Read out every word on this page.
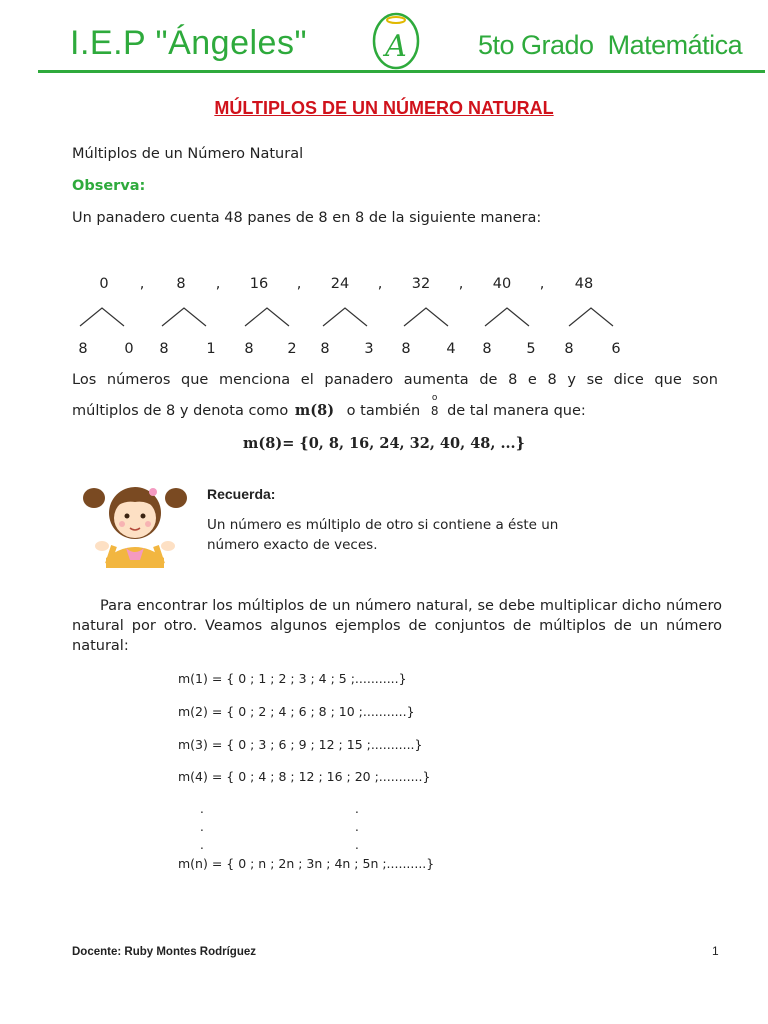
I.E.P "Ángeles"	A	5to Grado  Matemática
MÚLTIPLOS DE UN NÚMERO NATURAL
Múltiplos de un Número Natural
Observa:
Un panadero cuenta 48 panes de 8 en 8 de la siguiente manera:
0	,	8	,	16	,	24	,	32	,	40	,	48
8	0	8	1	8	2	8	3	8	4	8	5	8	6
Los números que menciona el panadero aumenta de 8 e 8 y se dice que son
múltiplos de 8 y denota como m(8) o también
o
8 de tal manera que:
m(8)= {0, 8, 16, 24, 32, 40, 48, ...}
Recuerda:
Un número es múltiplo de otro si contiene a éste un número exacto de veces.
Para encontrar los múltiplos de un número natural, se debe multiplicar dicho número natural por otro. Veamos algunos ejemplos de conjuntos de múltiplos de un número natural:
m(1) = { 0 ; 1 ; 2 ; 3 ; 4 ; 5 ;...........}
m(2) = { 0 ; 2 ; 4 ; 6 ; 8 ; 10 ;...........}
m(3) = { 0 ; 3 ; 6 ; 9 ; 12 ; 15 ;...........}
m(4) = { 0 ; 4 ; 8 ; 12 ; 16 ; 20 ;...........}
.	.
.	.
.	.
m(n) = { 0 ; n ; 2n ; 3n ; 4n ; 5n ;..........}
Docente: Ruby Montes Rodríguez	1
